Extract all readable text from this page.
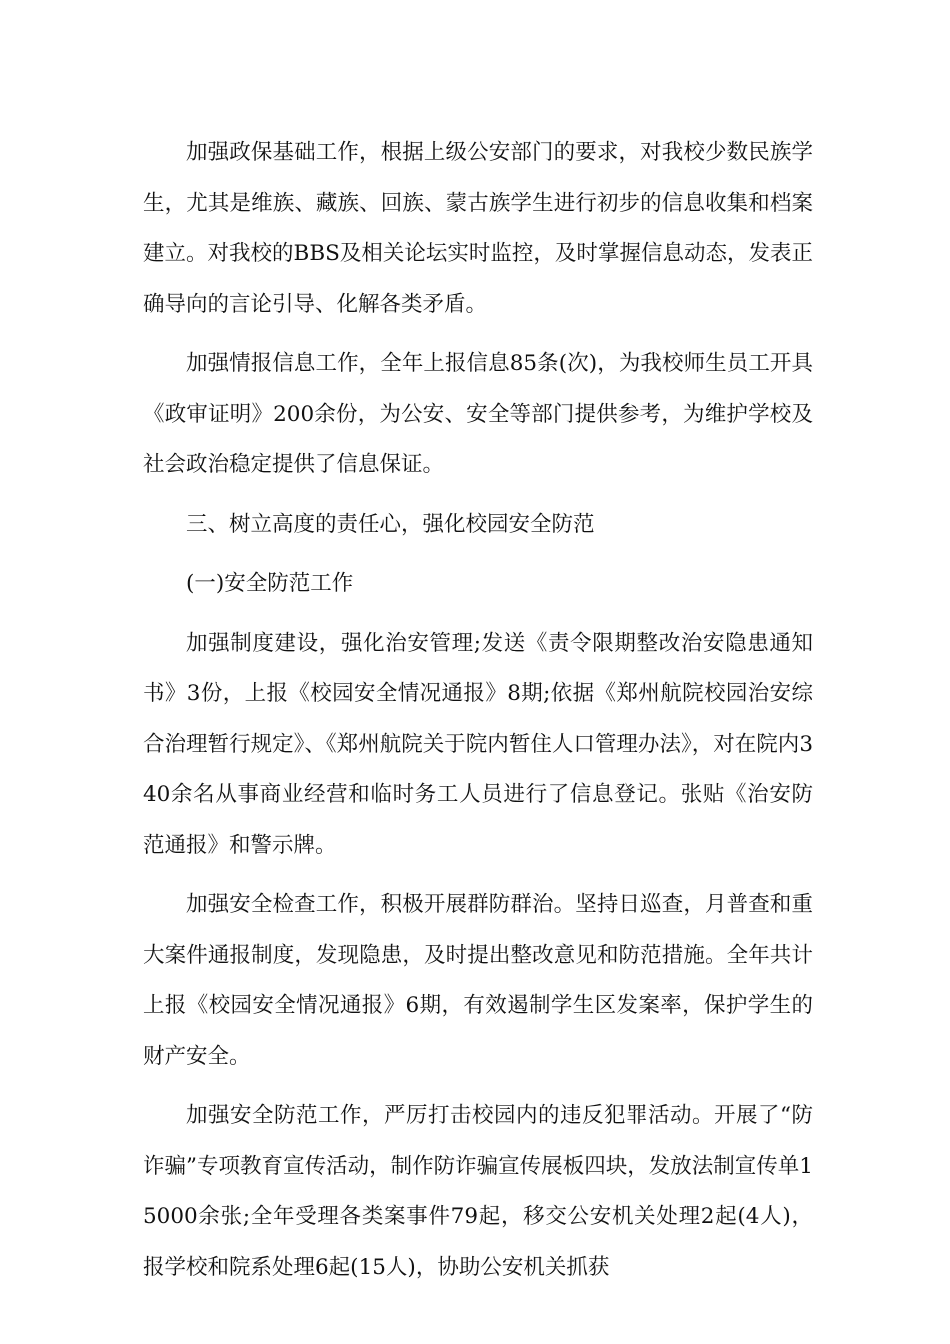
加强政保基础工作，根据上级公安部门的要求，对我校少数民族学生，尤其是维族、藏族、回族、蒙古族学生进行初步的信息收集和档案建立。对我校的BBS及相关论坛实时监控，及时掌握信息动态，发表正确导向的言论引导、化解各类矛盾。

加强情报信息工作，全年上报信息85条(次)，为我校师生员工开具《政审证明》200余份，为公安、安全等部门提供参考，为维护学校及社会政治稳定提供了信息保证。

三、树立高度的责任心，强化校园安全防范

(一)安全防范工作

加强制度建设，强化治安管理;发送《责令限期整改治安隐患通知书》3份，上报《校园安全情况通报》8期;依据《郑州航院校园治安综合治理暂行规定》、《郑州航院关于院内暂住人口管理办法》，对在院内340余名从事商业经营和临时务工人员进行了信息登记。张贴《治安防范通报》和警示牌。

加强安全检查工作，积极开展群防群治。坚持日巡查，月普查和重大案件通报制度，发现隐患，及时提出整改意见和防范措施。全年共计上报《校园安全情况通报》6期，有效遏制学生区发案率，保护学生的财产安全。

加强安全防范工作，严厉打击校园内的违反犯罪活动。开展了“防诈骗”专项教育宣传活动，制作防诈骗宣传展板四块，发放法制宣传单15000余张;全年受理各类案事件79起，移交公安机关处理2起(4人)，报学校和院系处理6起(15人)，协助公安机关抓获
